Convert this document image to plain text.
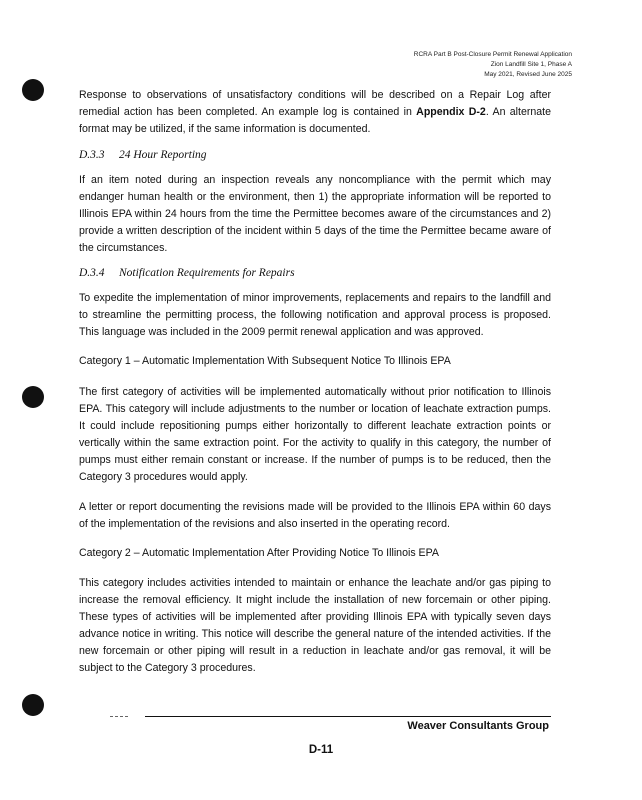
RCRA Part B Post-Closure Permit Renewal Application
Zion Landfill Site 1, Phase A
May 2021, Revised June 2025
Response to observations of unsatisfactory conditions will be described on a Repair Log after remedial action has been completed. An example log is contained in Appendix D-2. An alternate format may be utilized, if the same information is documented.
D.3.3 24 Hour Reporting
If an item noted during an inspection reveals any noncompliance with the permit which may endanger human health or the environment, then 1) the appropriate information will be reported to Illinois EPA within 24 hours from the time the Permittee becomes aware of the circumstances and 2) provide a written description of the incident within 5 days of the time the Permittee became aware of the circumstances.
D.3.4 Notification Requirements for Repairs
To expedite the implementation of minor improvements, replacements and repairs to the landfill and to streamline the permitting process, the following notification and approval process is proposed. This language was included in the 2009 permit renewal application and was approved.
Category 1 – Automatic Implementation With Subsequent Notice To Illinois EPA
The first category of activities will be implemented automatically without prior notification to Illinois EPA. This category will include adjustments to the number or location of leachate extraction pumps. It could include repositioning pumps either horizontally to different leachate extraction points or vertically within the same extraction point. For the activity to qualify in this category, the number of pumps must either remain constant or increase. If the number of pumps is to be reduced, then the Category 3 procedures would apply.
A letter or report documenting the revisions made will be provided to the Illinois EPA within 60 days of the implementation of the revisions and also inserted in the operating record.
Category 2 – Automatic Implementation After Providing Notice To Illinois EPA
This category includes activities intended to maintain or enhance the leachate and/or gas piping to increase the removal efficiency. It might include the installation of new forcemain or other piping. These types of activities will be implemented after providing Illinois EPA with typically seven days advance notice in writing. This notice will describe the general nature of the intended activities. If the new forcemain or other piping will result in a reduction in leachate and/or gas removal, it will be subject to the Category 3 procedures.
Weaver Consultants Group
D-11
